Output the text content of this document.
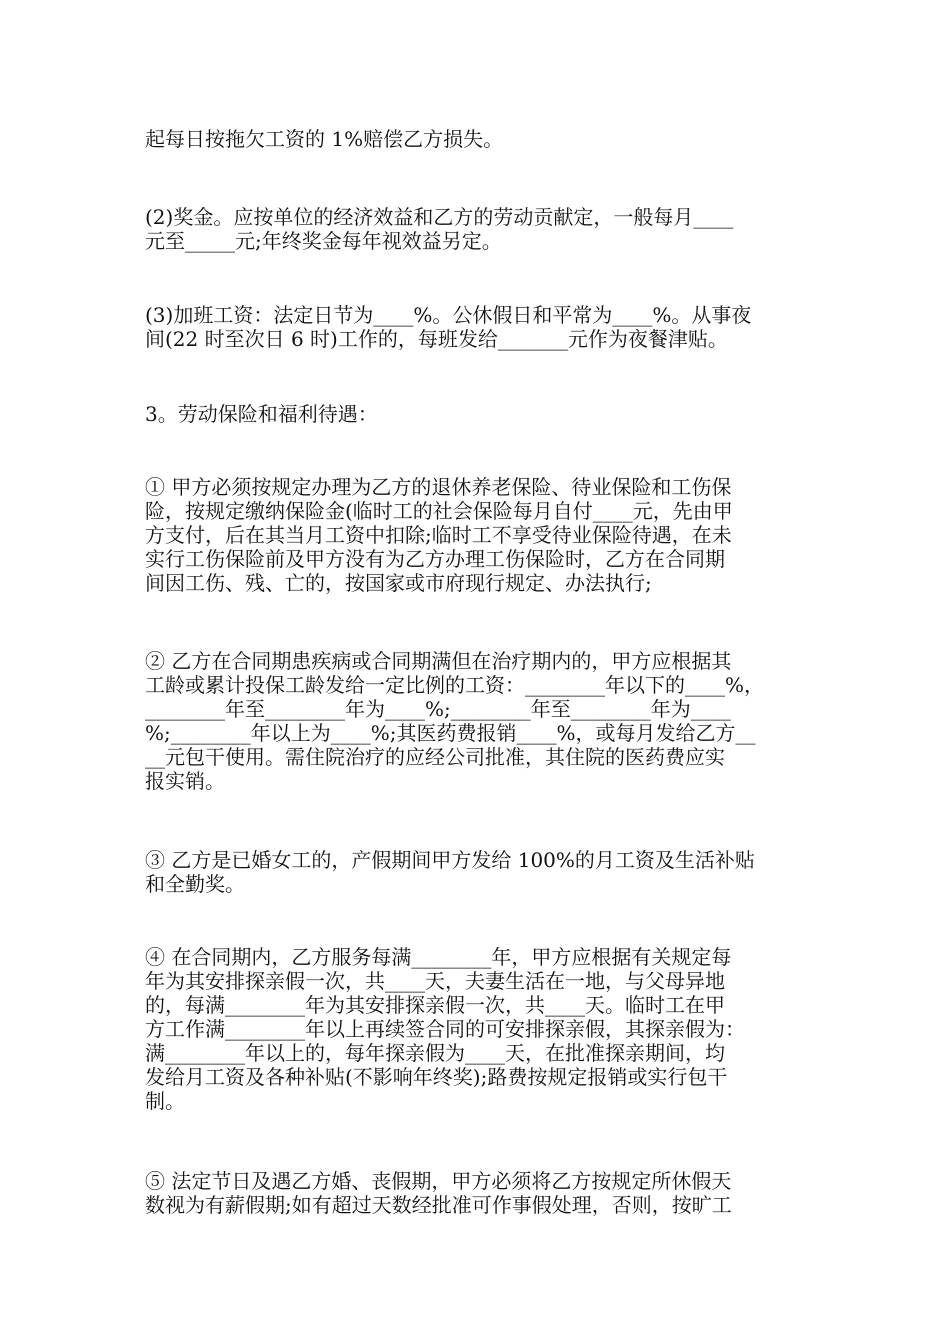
起每日按拖欠工资的 1%赔偿乙方损失。
(2)奖金。应按单位的经济效益和乙方的劳动贡献定，一般每月____
元至_____元;年终奖金每年视效益另定。
(3)加班工资：法定日节为____%。公休假日和平常为____%。从事夜
间(22 时至次日 6 时)工作的，每班发给_______元作为夜餐津贴。
3。劳动保险和福利待遇：
① 甲方必须按规定办理为乙方的退休养老保险、待业保险和工伤保
险，按规定缴纳保险金(临时工的社会保险每月自付____元，先由甲
方支付，后在其当月工资中扣除;临时工不享受待业保险待遇，在未
实行工伤保险前及甲方没有为乙方办理工伤保险时，乙方在合同期
间因工伤、残、亡的，按国家或市府现行规定、办法执行;
② 乙方在合同期患疾病或合同期满但在治疗期内的，甲方应根据其
工龄或累计投保工龄发给一定比例的工资：________年以下的____%，
________年至________年为____%;________年至________年为____
%;________年以上为____%;其医药费报销____%，或每月发给乙方__
__元包干使用。需住院治疗的应经公司批准，其住院的医药费应实
报实销。
③ 乙方是已婚女工的，产假期间甲方发给 100%的月工资及生活补贴
和全勤奖。
④ 在合同期内，乙方服务每满________年，甲方应根据有关规定每
年为其安排探亲假一次，共____天，夫妻生活在一地，与父母异地
的，每满________年为其安排探亲假一次，共____天。临时工在甲
方工作满________年以上再续签合同的可安排探亲假，其探亲假为：
满________年以上的，每年探亲假为____天，在批准探亲期间，均
发给月工资及各种补贴(不影响年终奖);路费按规定报销或实行包干
制。
⑤ 法定节日及遇乙方婚、丧假期，甲方必须将乙方按规定所休假天
数视为有薪假期;如有超过天数经批准可作事假处理，否则，按旷工
